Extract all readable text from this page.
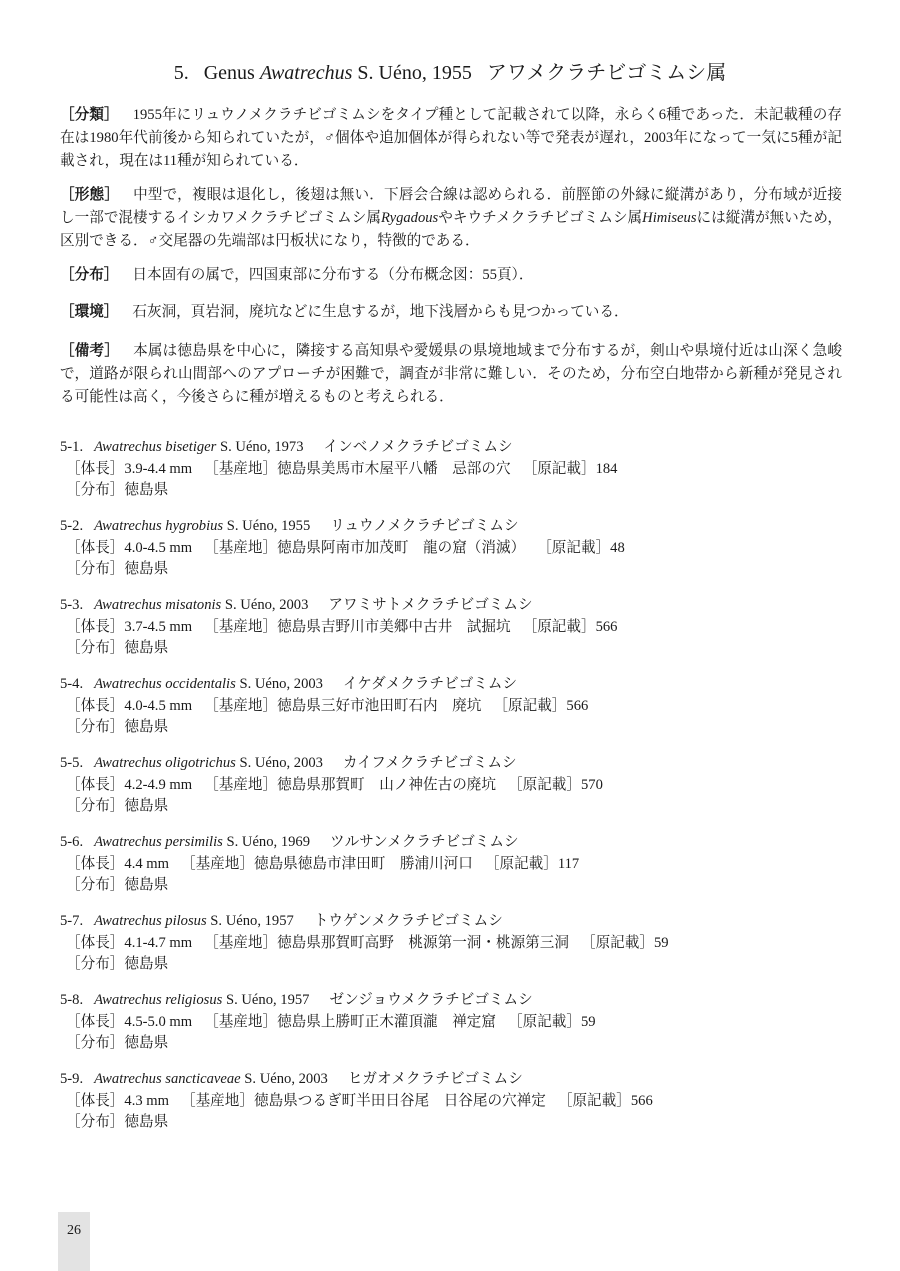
5. Genus Awatrechus S. Uéno, 1955 アワメクラチビゴミムシ属
［分類］ 1955年にリュウノメクラチビゴミムシをタイプ種として記載されて以降，永らく6種であった．未記載種の存在は1980年代前後から知られていたが，♂個体や追加個体が得られない等で発表が遅れ，2003年になって一気に5種が記載され，現在は11種が知られている．
［形態］ 中型で，複眼は退化し，後翅は無い．下唇会合線は認められる．前脛節の外縁に縦溝があり，分布域が近接し一部で混棲するイシカワメクラチビゴミムシ属Rygadousやキウチメクラチビゴミムシ属Himiseusには縦溝が無いため，区別できる．♂交尾器の先端部は円板状になり，特徴的である．
［分布］ 日本固有の属で，四国東部に分布する（分布概念図：55頁）．
［環境］ 石灰洞，頁岩洞，廃坑などに生息するが，地下浅層からも見つかっている．
［備考］ 本属は徳島県を中心に，隣接する高知県や愛媛県の県境地域まで分布するが，剣山や県境付近は山深く急峻で，道路が限られ山間部へのアプローチが困難で，調査が非常に難しい．そのため，分布空白地帯から新種が発見される可能性は高く，今後さらに種が増えるものと考えられる．
5-1. Awatrechus bisetiger S. Uéno, 1973 インベノメクラチビゴミムシ
［体長］3.9-4.4 mm ［基産地］徳島県美馬市木屋平八幡　忌部の穴 ［原記載］184
［分布］徳島県
5-2. Awatrechus hygrobius S. Uéno, 1955 リュウノメクラチビゴミムシ
［体長］4.0-4.5 mm ［基産地］徳島県阿南市加茂町　龍の窟（消滅） ［原記載］48
［分布］徳島県
5-3. Awatrechus misatonis S. Uéno, 2003 アワミサトメクラチビゴミムシ
［体長］3.7-4.5 mm ［基産地］徳島県吉野川市美郷中古井　試掘坑 ［原記載］566
［分布］徳島県
5-4. Awatrechus occidentalis S. Uéno, 2003 イケダメクラチビゴミムシ
［体長］4.0-4.5 mm ［基産地］徳島県三好市池田町石内　廃坑 ［原記載］566
［分布］徳島県
5-5. Awatrechus oligotrichus S. Uéno, 2003 カイフメクラチビゴミムシ
［体長］4.2-4.9 mm ［基産地］徳島県那賀町　山ノ神佐古の廃坑 ［原記載］570
［分布］徳島県
5-6. Awatrechus persimilis S. Uéno, 1969 ツルサンメクラチビゴミムシ
［体長］4.4 mm ［基産地］徳島県徳島市津田町　勝浦川河口 ［原記載］117
［分布］徳島県
5-7. Awatrechus pilosus S. Uéno, 1957 トウゲンメクラチビゴミムシ
［体長］4.1-4.7 mm ［基産地］徳島県那賀町高野　桃源第一洞・桃源第三洞 ［原記載］59
［分布］徳島県
5-8. Awatrechus religiosus S. Uéno, 1957 ゼンジョウメクラチビゴミムシ
［体長］4.5-5.0 mm ［基産地］徳島県上勝町正木灌頂瀧　禅定窟 ［原記載］59
［分布］徳島県
5-9. Awatrechus sancticaveae S. Uéno, 2003 ヒガオメクラチビゴミムシ
［体長］4.3 mm ［基産地］徳島県つるぎ町半田日谷尾　日谷尾の穴禅定 ［原記載］566
［分布］徳島県
26
